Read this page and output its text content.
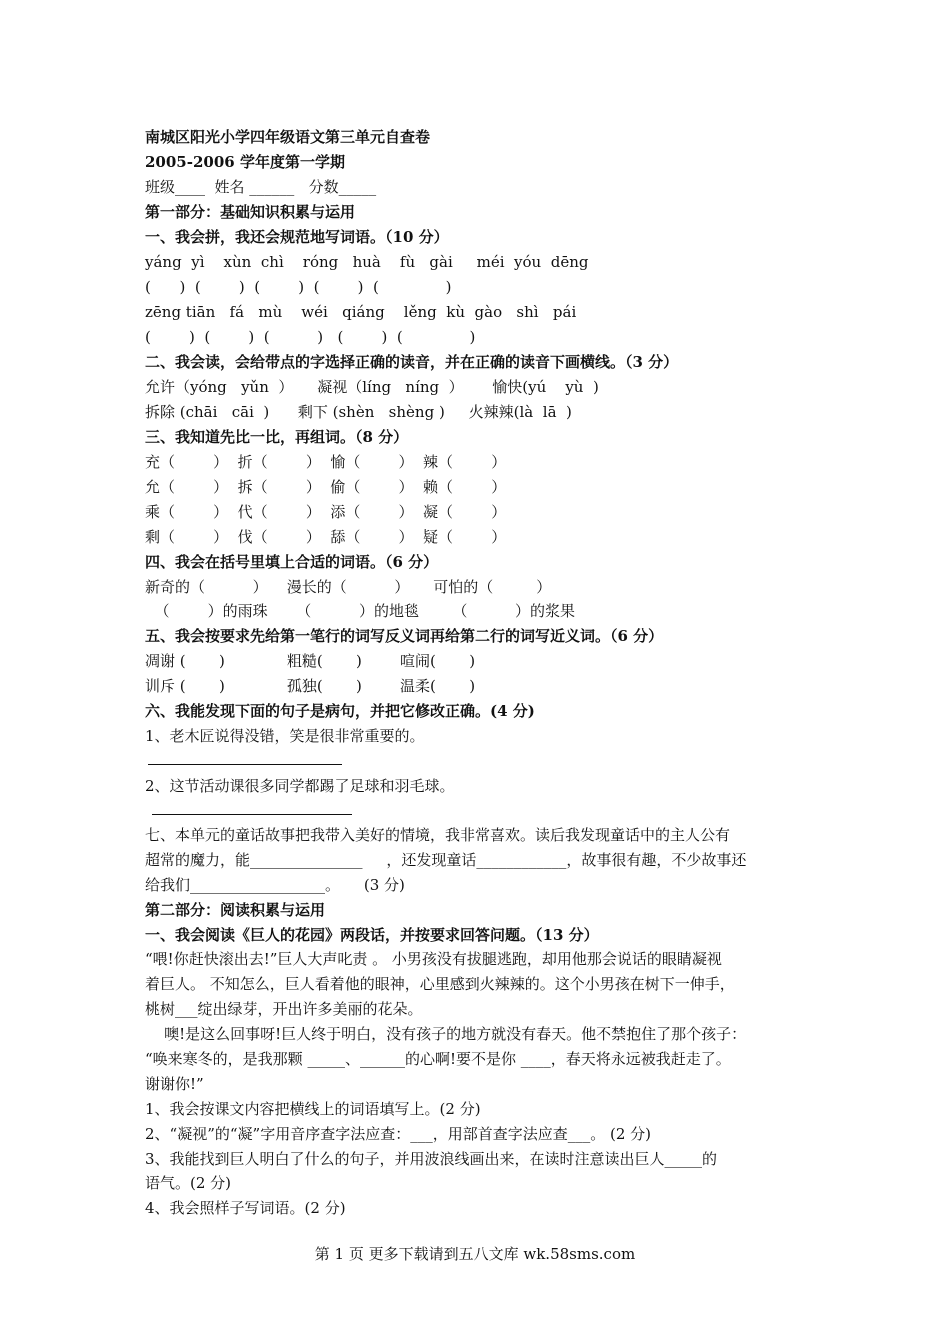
南城区阳光小学四年级语文第三单元自查卷
2005-2006 学年度第一学期
班级____  姓名 ______   分数_____
第一部分：基础知识积累与运用
一、我会拼，我还会规范地写词语。（10 分）
yáng  yì    xùn  chì    róng   huà    fù   gài     méi  yóu  dēng
(      )  (        )  (        )  (        )  (              )
zēng tiān   fá   mù    wéi   qiáng    lěng  kù  gào   shì   pái
(        )  (        )  (          )   (        )  (              )
二、我会读，会给带点的字选择正确的读音，并在正确的读音下画横线。（3 分）
允许（yóng   yǔn  ）     凝视（líng   níng  ）      愉快(yú    yù  )
拆除 (chāi   cāi  )      剩下 (shèn   shèng )     火辣辣(là  lā  )
三、我知道先比一比，再组词。（8 分）
充（        ）  折（        ）  愉（        ）  辣（        ）
允（        ）  拆（        ）  偷（        ）  赖（        ）
乘（        ）  代（        ）  添（        ）  凝（        ）
剩（        ）  伐（        ）  舔（        ）  疑（        ）
四、我会在括号里填上合适的词语。（6 分）
新奇的（          ）    漫长的（          ）     可怕的（         ）
（        ）的雨珠      （          ）的地毯       （          ）的浆果
五、我会按要求先给第一笔行的词写反义词再给第二行的词写近义词。（6 分）
凋谢 (       )             粗糙(       )        喧闹(       )
训斥 (       )             孤独(       )        温柔(       )
六、我能发现下面的句子是病句，并把它修改正确。(4 分)
1、老木匠说得没错，笑是很非常重要的。
2、这节活动课很多同学都踢了足球和羽毛球。
七、本单元的童话故事把我带入美好的情境，我非常喜欢。读后我发现童话中的主人公有
超常的魔力，能_______________     ，还发现童话____________，故事很有趣，不少故事还
给我们__________________。     (3 分)
第二部分：阅读积累与运用
一、我会阅读《巨人的花园》两段话，并按要求回答问题。（13 分）
“喂!你赶快滚出去!”巨人大声叱责 。 小男孩没有拔腿逃跑，却用他那会说话的眼睛凝视
着巨人。 不知怎么，巨人看着他的眼神，心里感到火辣辣的。这个小男孩在树下一伸手，
桃树___绽出绿芽，开出许多美丽的花朵。
噢!是这么回事呀!巨人终于明白，没有孩子的地方就没有春天。他不禁抱住了那个孩子：
“唤来寒冬的，是我那颗 _____、______的心啊!要不是你 ____，春天将永远被我赶走了。
谢谢你!”
1、我会按课文内容把横线上的词语填写上。(2 分)
2、“凝视”的“凝”字用音序查字法应查：___，用部首查字法应查___。 (2 分)
3、我能找到巨人明白了什么的句子，并用波浪线画出来，在读时注意读出巨人_____的
语气。(2 分)
4、我会照样子写词语。(2 分)
第 1 页 更多下载请到五八文库 wk.58sms.com
